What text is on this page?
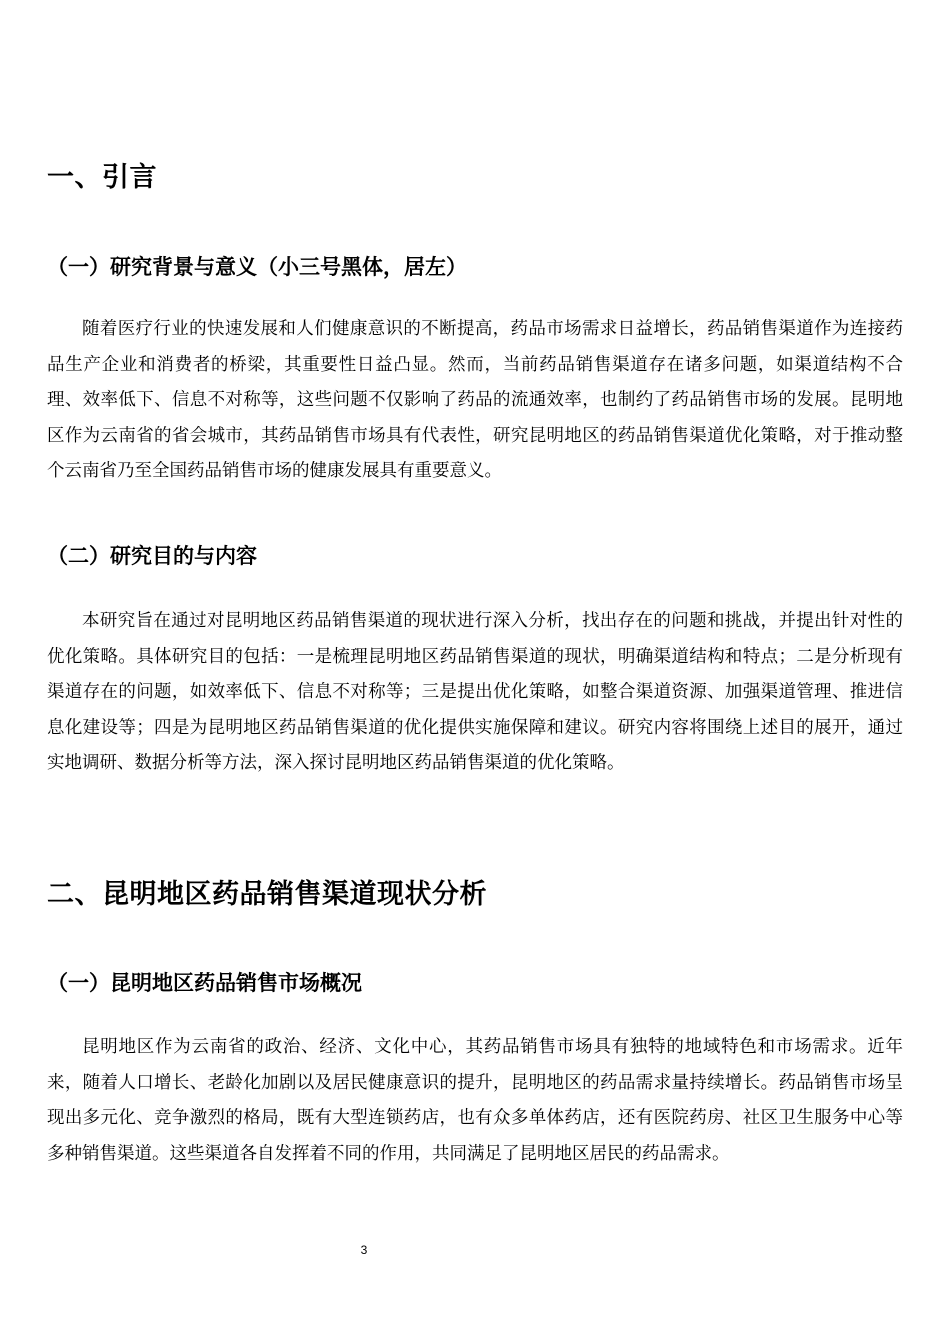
一、引言
（一）研究背景与意义（小三号黑体，居左）

随着医疗行业的快速发展和人们健康意识的不断提高，药品市场需求日益增长，药品销售渠道作为连接药品生产企业和消费者的桥梁，其重要性日益凸显。然而，当前药品销售渠道存在诸多问题，如渠道结构不合理、效率低下、信息不对称等，这些问题不仅影响了药品的流通效率，也制约了药品销售市场的发展。昆明地区作为云南省的省会城市，其药品销售市场具有代表性，研究昆明地区的药品销售渠道优化策略，对于推动整个云南省乃至全国药品销售市场的健康发展具有重要意义。

（二）研究目的与内容

本研究旨在通过对昆明地区药品销售渠道的现状进行深入分析，找出存在的问题和挑战，并提出针对性的优化策略。具体研究目的包括：一是梳理昆明地区药品销售渠道的现状，明确渠道结构和特点；二是分析现有渠道存在的问题，如效率低下、信息不对称等；三是提出优化策略，如整合渠道资源、加强渠道管理、推进信息化建设等；四是为昆明地区药品销售渠道的优化提供实施保障和建议。研究内容将围绕上述目的展开，通过实地调研、数据分析等方法，深入探讨昆明地区药品销售渠道的优化策略。

二、昆明地区药品销售渠道现状分析
（一）昆明地区药品销售市场概况

昆明地区作为云南省的政治、经济、文化中心，其药品销售市场具有独特的地域特色和市场需求。近年来，随着人口增长、老龄化加剧以及居民健康意识的提升，昆明地区的药品需求量持续增长。药品销售市场呈现出多元化、竞争激烈的格局，既有大型连锁药店，也有众多单体药店，还有医院药房、社区卫生服务中心等多种销售渠道。这些渠道各自发挥着不同的作用，共同满足了昆明地区居民的药品需求。

3
